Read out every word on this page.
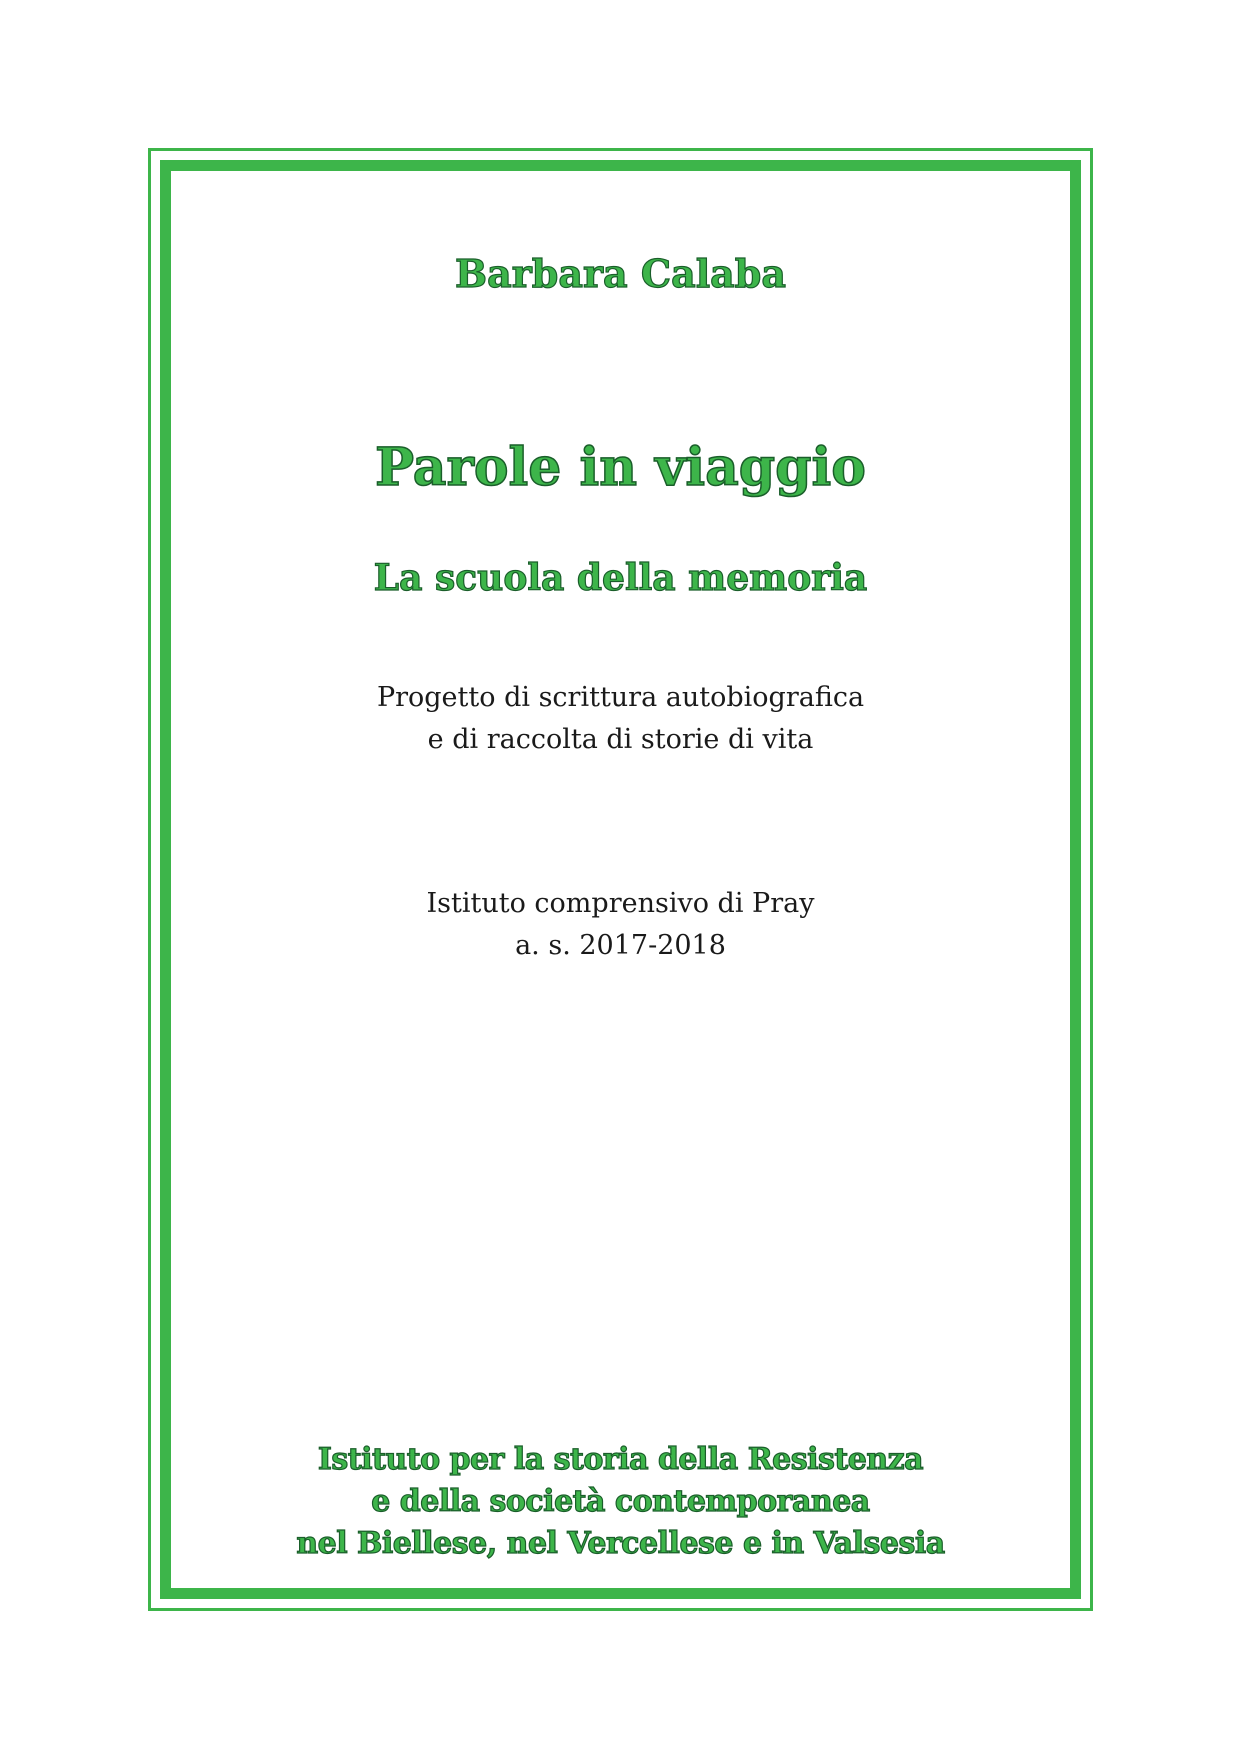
Barbara Calaba
Parole in viaggio
La scuola della memoria
Progetto di scrittura autobiografica
e di raccolta di storie di vita
Istituto comprensivo di Pray
a. s. 2017-2018
Istituto per la storia della Resistenza
e della società contemporanea
nel Biellese, nel Vercellese e in Valsesia
